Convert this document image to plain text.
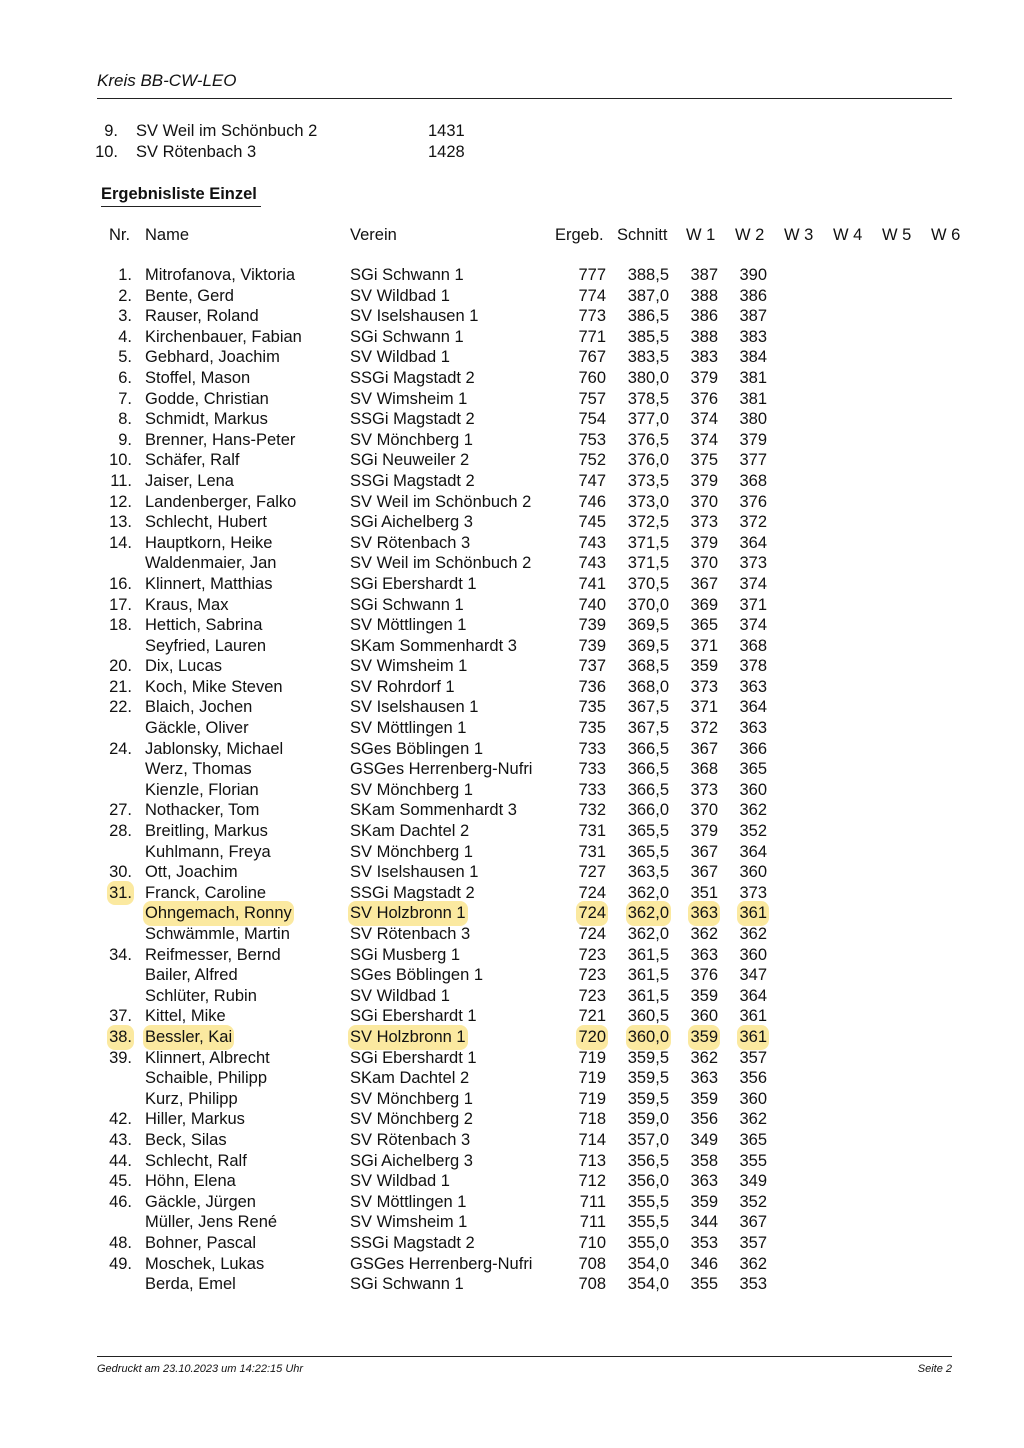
Kreis BB-CW-LEO
9. SV Weil im Schönbuch 2	1431
10. SV Rötenbach 3	1428
Ergebnisliste Einzel
Nr. Name	Verein	Ergeb. Schnitt W 1 W 2 W 3 W 4 W 5 W 6
1. Mitrofanova, Viktoria	SGi Schwann 1	777 388,5 387 390
2. Bente, Gerd	SV Wildbad 1	774 387,0 388 386
3. Rauser, Roland	SV Iselshausen 1	773 386,5 386 387
4. Kirchenbauer, Fabian	SGi Schwann 1	771 385,5 388 383
5. Gebhard, Joachim	SV Wildbad 1	767 383,5 383 384
6. Stoffel, Mason	SSGi Magstadt 2	760 380,0 379 381
7. Godde, Christian	SV Wimsheim 1	757 378,5 376 381
8. Schmidt, Markus	SSGi Magstadt 2	754 377,0 374 380
9. Brenner, Hans-Peter	SV Mönchberg 1	753 376,5 374 379
10. Schäfer, Ralf	SGi Neuweiler 2	752 376,0 375 377
11. Jaiser, Lena	SSGi Magstadt 2	747 373,5 379 368
12. Landenberger, Falko	SV Weil im Schönbuch 2	746 373,0 370 376
13. Schlecht, Hubert	SGi Aichelberg 3	745 372,5 373 372
14. Hauptkorn, Heike	SV Rötenbach 3	743 371,5 379 364
Waldenmaier, Jan	SV Weil im Schönbuch 2	743 371,5 370 373
16. Klinnert, Matthias	SGi Ebershardt 1	741 370,5 367 374
17. Kraus, Max	SGi Schwann 1	740 370,0 369 371
18. Hettich, Sabrina	SV Möttlingen 1	739 369,5 365 374
Seyfried, Lauren	SKam Sommenhardt 3	739 369,5 371 368
20. Dix, Lucas	SV Wimsheim 1	737 368,5 359 378
21. Koch, Mike Steven	SV Rohrdorf 1	736 368,0 373 363
22. Blaich, Jochen	SV Iselshausen 1	735 367,5 371 364
Gäckle, Oliver	SV Möttlingen 1	735 367,5 372 363
24. Jablonsky, Michael	SGes Böblingen 1	733 366,5 367 366
Werz, Thomas	GSGes Herrenberg-Nufri	733 366,5 368 365
Kienzle, Florian	SV Mönchberg 1	733 366,5 373 360
27. Nothacker, Tom	SKam Sommenhardt 3	732 366,0 370 362
28. Breitling, Markus	SKam Dachtel 2	731 365,5 379 352
Kuhlmann, Freya	SV Mönchberg 1	731 365,5 367 364
30. Ott, Joachim	SV Iselshausen 1	727 363,5 367 360
31. Franck, Caroline	SSGi Magstadt 2	724 362,0 351 373
Ohngemach, Ronny	SV Holzbronn 1	724 362,0 363 361
Schwämmle, Martin	SV Rötenbach 3	724 362,0 362 362
34. Reifmesser, Bernd	SGi Musberg 1	723 361,5 363 360
Bailer, Alfred	SGes Böblingen 1	723 361,5 376 347
Schlüter, Rubin	SV Wildbad 1	723 361,5 359 364
37. Kittel, Mike	SGi Ebershardt 1	721 360,5 360 361
38. Bessler, Kai	SV Holzbronn 1	720 360,0 359 361
39. Klinnert, Albrecht	SGi Ebershardt 1	719 359,5 362 357
Schaible, Philipp	SKam Dachtel 2	719 359,5 363 356
Kurz, Philipp	SV Mönchberg 1	719 359,5 359 360
42. Hiller, Markus	SV Mönchberg 2	718 359,0 356 362
43. Beck, Silas	SV Rötenbach 3	714 357,0 349 365
44. Schlecht, Ralf	SGi Aichelberg 3	713 356,5 358 355
45. Höhn, Elena	SV Wildbad 1	712 356,0 363 349
46. Gäckle, Jürgen	SV Möttlingen 1	711 355,5 359 352
Müller, Jens René	SV Wimsheim 1	711 355,5 344 367
48. Bohner, Pascal	SSGi Magstadt 2	710 355,0 353 357
49. Moschek, Lukas	GSGes Herrenberg-Nufri	708 354,0 346 362
Berda, Emel	SGi Schwann 1	708 354,0 355 353
Gedruckt am 23.10.2023 um 14:22:15 Uhr	Seite 2
